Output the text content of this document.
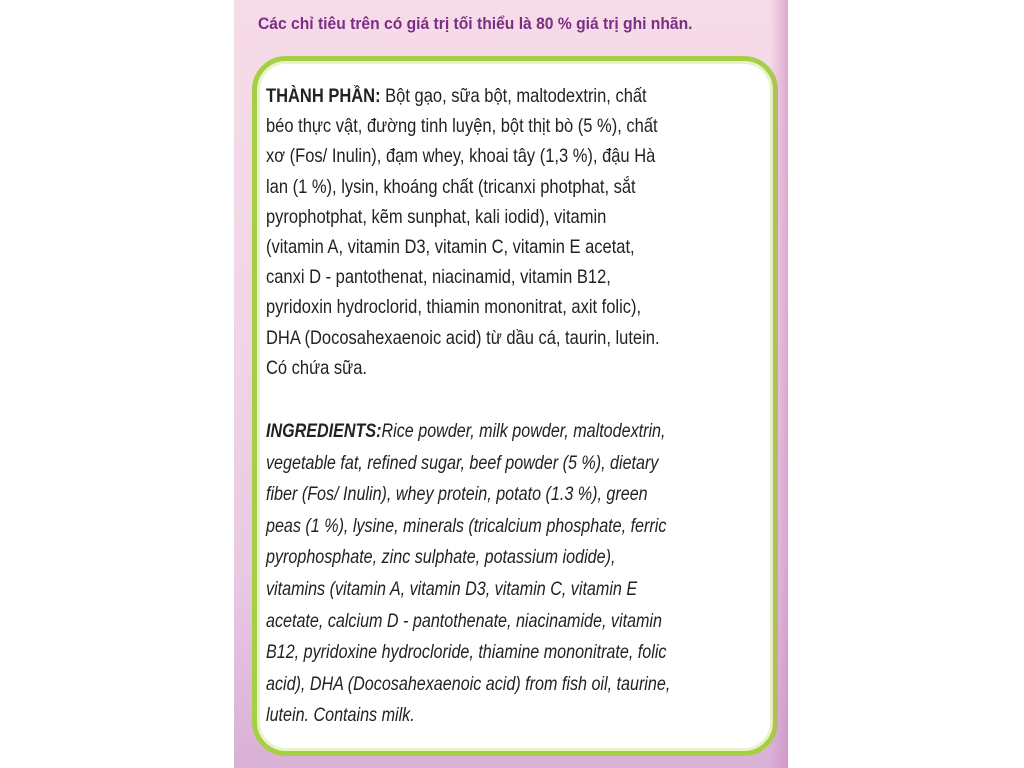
Các chỉ tiêu trên có giá trị tối thiểu là 80 % giá trị ghi nhãn.
THÀNH PHẦN: Bột gạo, sữa bột, maltodextrin, chất
béo thực vật, đường tinh luyện, bột thịt bò (5 %), chất
xơ (Fos/ Inulin), đạm whey, khoai tây (1,3 %), đậu Hà
lan (1 %), lysin, khoáng chất (tricanxi photphat, sắt
pyrophotphat, kẽm sunphat, kali iodid), vitamin
(vitamin A, vitamin D3, vitamin C, vitamin E acetat,
canxi D - pantothenat, niacinamid, vitamin B12,
pyridoxin hydroclorid, thiamin mononitrat, axit folic),
DHA (Docosahexaenoic acid) từ dầu cá, taurin, lutein.
Có chứa sữa.
INGREDIENTS:Rice powder, milk powder, maltodextrin,
vegetable fat, refined sugar, beef powder (5 %), dietary
fiber (Fos/ Inulin), whey protein, potato (1.3 %), green
peas (1 %), lysine, minerals (tricalcium phosphate, ferric
pyrophosphate, zinc sulphate, potassium iodide),
vitamins (vitamin A, vitamin D3, vitamin C, vitamin E
acetate, calcium D - pantothenate, niacinamide, vitamin
B12, pyridoxine hydrocloride, thiamine mononitrate, folic
acid), DHA (Docosahexaenoic acid) from fish oil, taurine,
lutein. Contains milk.
